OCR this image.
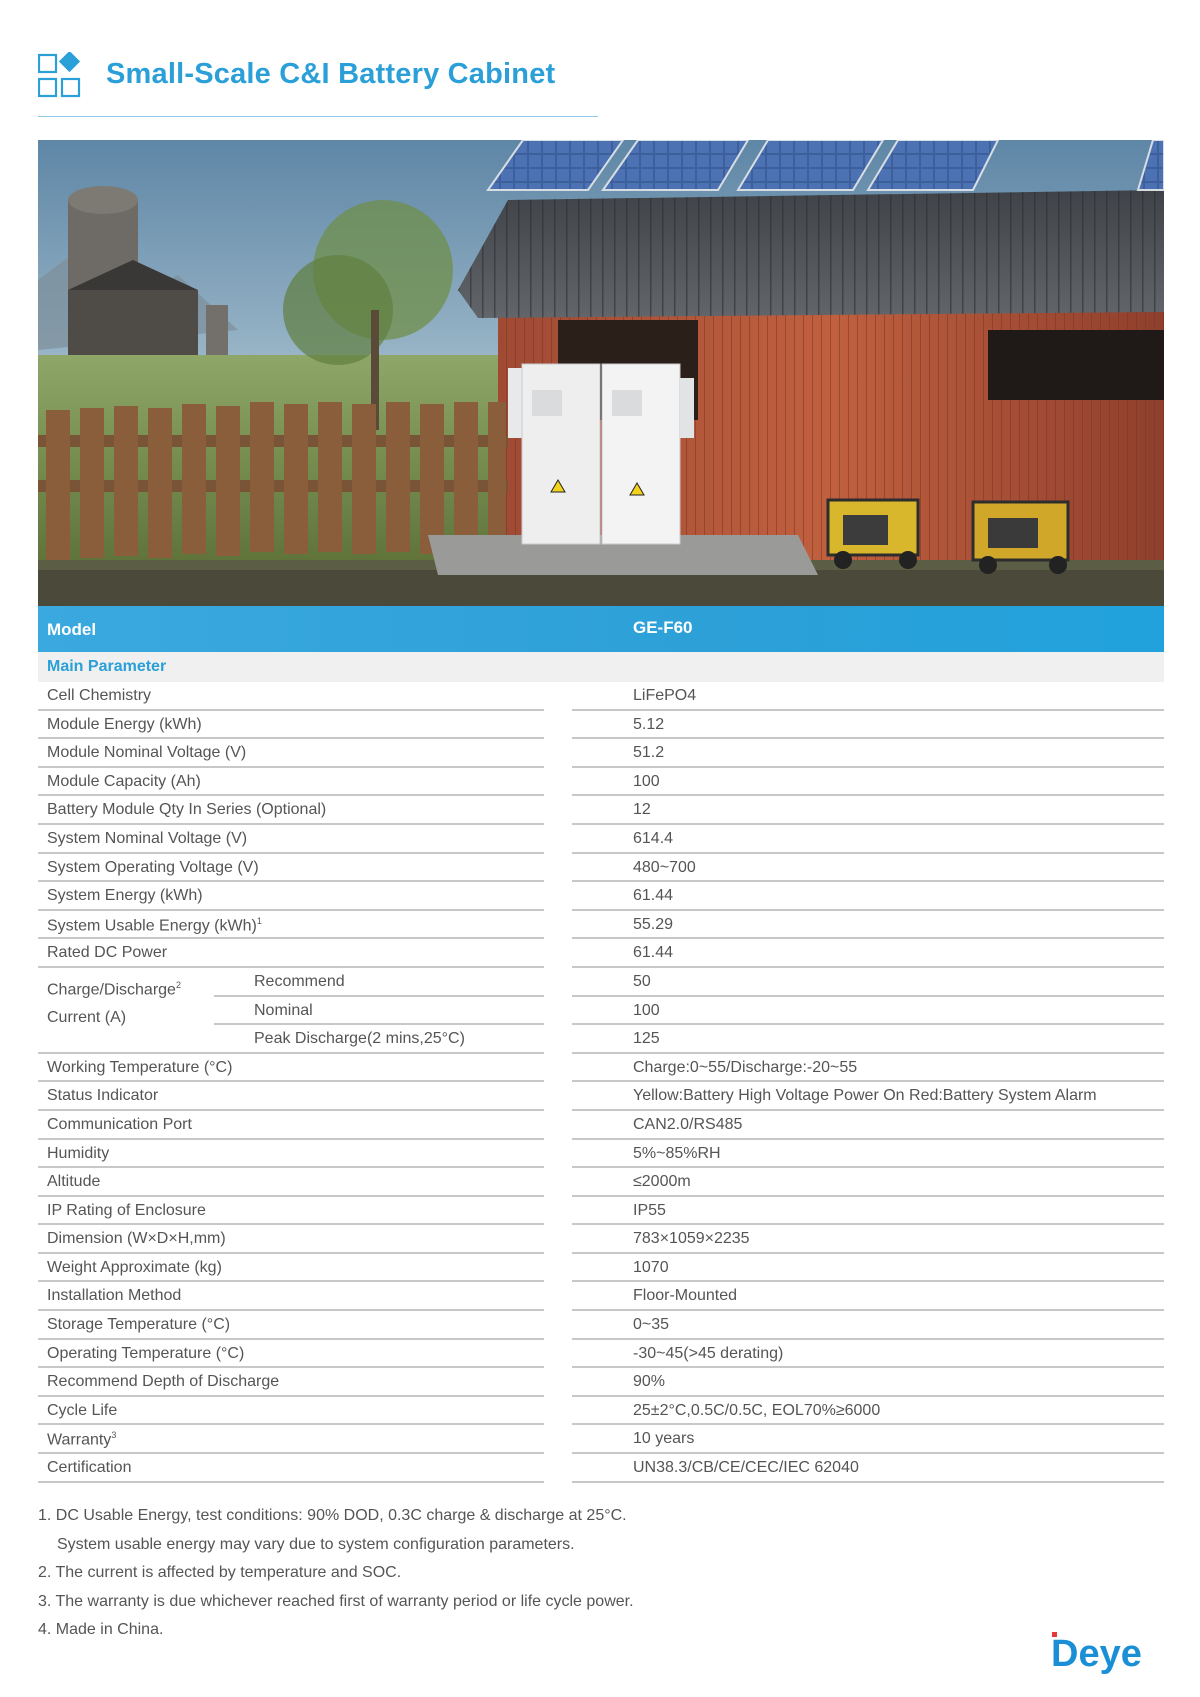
Small-Scale C&I Battery Cabinet
Model	GE-F60
Main Parameter
Cell Chemistry	LiFePO4
Module Energy (kWh)	5.12
Module Nominal Voltage (V)	51.2
Module Capacity (Ah)	100
Battery Module Qty In Series (Optional)	12
System Nominal Voltage (V)	614.4
System Operating Voltage (V)	480~700
System Energy (kWh)	61.44
System Usable Energy (kWh)$^1$	55.29
Rated DC Power	61.44
Charge/Discharge$^2$
Current (A)
Recommend	50
Nominal	100
Peak Discharge(2 mins,25°C)	125
Working Temperature (°C)	Charge:0~55/Discharge:-20~55
Status Indicator	Yellow:Battery High Voltage Power On Red:Battery System Alarm
Communication Port	CAN2.0/RS485
Humidity	5%~85%RH
Altitude	≤2000m
IP Rating of Enclosure	IP55
Dimension (W×D×H,mm)	783×1059×2235
Weight Approximate (kg)	1070
Installation Method	Floor-Mounted
Storage Temperature (°C)	0~35
Operating Temperature (°C)	-30~45(>45 derating)
Recommend Depth of Discharge	90%
Cycle Life	25±2°C,0.5C/0.5C, EOL70%≥6000
Warranty$^3$	10 years
Certification	UN38.3/CB/CE/CEC/IEC 62040
1. DC Usable Energy, test conditions: 90% DOD, 0.3C charge & discharge at 25°C.
System usable energy may vary due to system configuration parameters.
2. The current is affected by temperature and SOC.
3. The warranty is due whichever reached first of warranty period or life cycle power.
4. Made in China.
Deye
